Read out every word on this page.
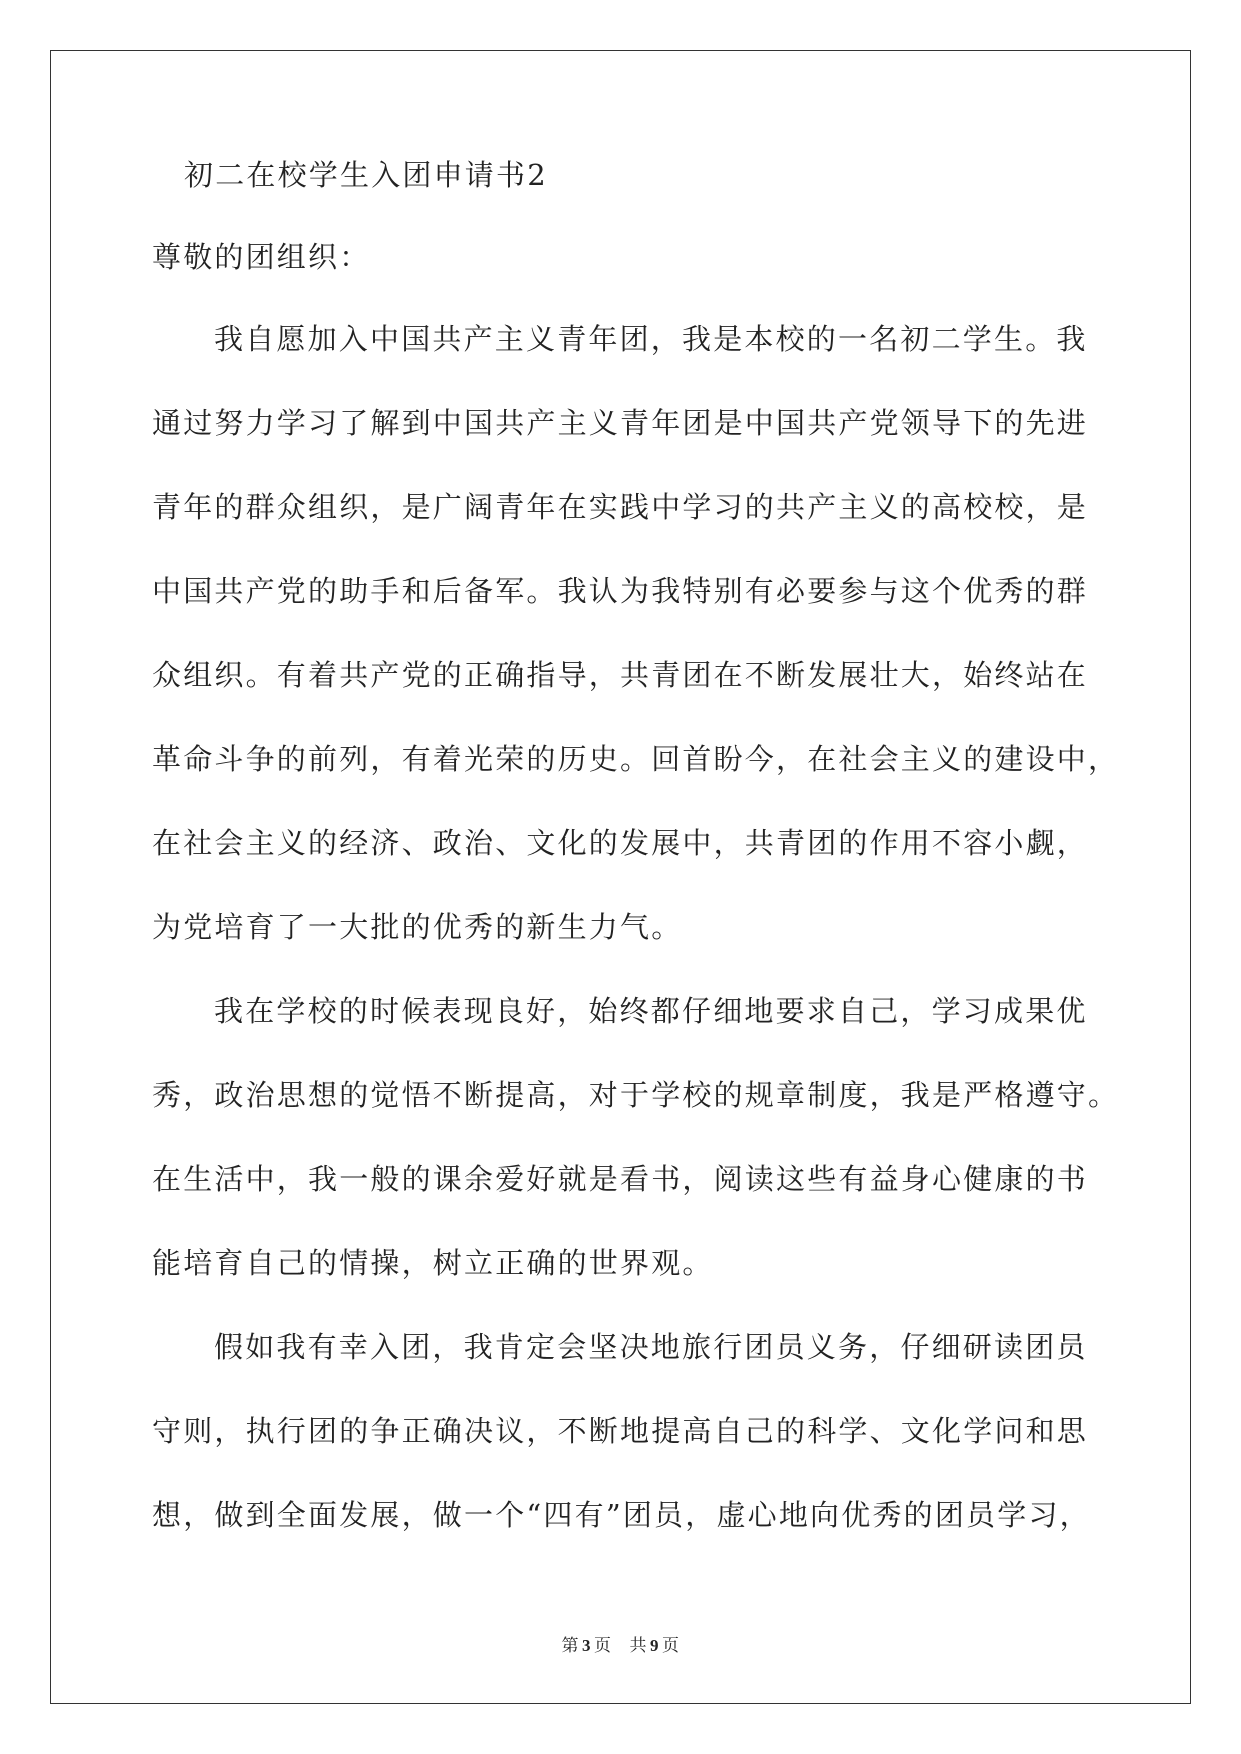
初二在校学生入团申请书2

尊敬的团组织：

我自愿加入中国共产主义青年团，我是本校的一名初二学生。我

通过努力学习了解到中国共产主义青年团是中国共产党领导下的先进

青年的群众组织，是广阔青年在实践中学习的共产主义的高校校，是

中国共产党的助手和后备军。我认为我特别有必要参与这个优秀的群

众组织。有着共产党的正确指导，共青团在不断发展壮大，始终站在

革命斗争的前列，有着光荣的历史。回首盼今，在社会主义的建设中，

在社会主义的经济、政治、文化的发展中，共青团的作用不容小觑，

为党培育了一大批的优秀的新生力气。

我在学校的时候表现良好，始终都仔细地要求自己，学习成果优

秀，政治思想的觉悟不断提高，对于学校的规章制度，我是严格遵守。

在生活中，我一般的课余爱好就是看书，阅读这些有益身心健康的书

能培育自己的情操，树立正确的世界观。

假如我有幸入团，我肯定会坚决地旅行团员义务，仔细研读团员

守则，执行团的争正确决议，不断地提高自己的科学、文化学问和思

想，做到全面发展，做一个“四有”团员，虚心地向优秀的团员学习，

第 3 页 共 9 页
